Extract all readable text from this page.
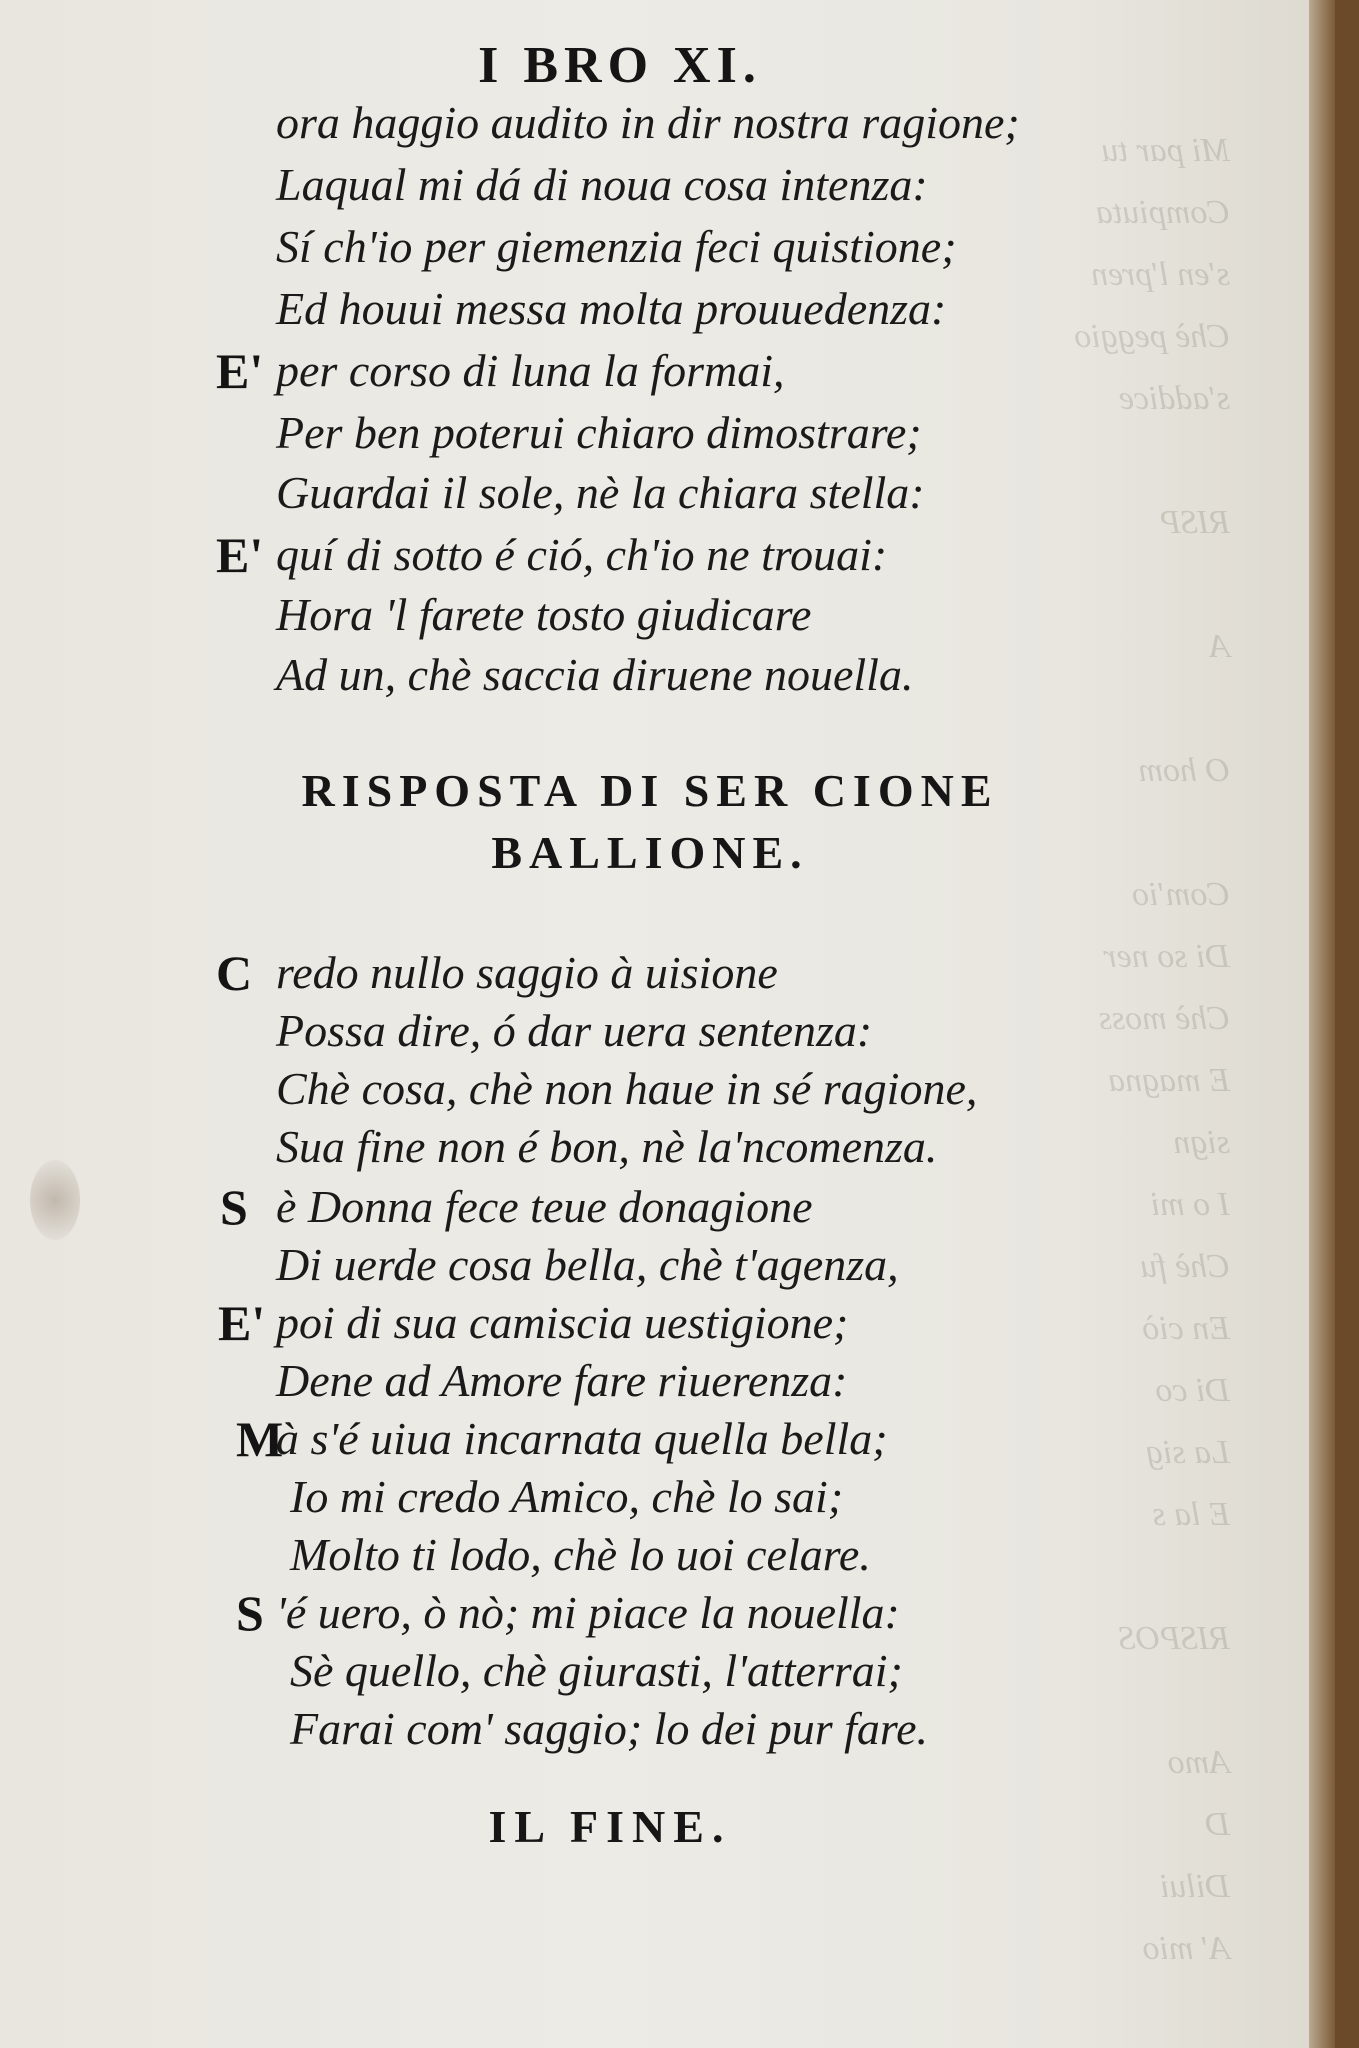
Mi par tu
Compiuta
s'en l'pren
Chè peggio
s'addice

RISP

A

O hom

Com'io
Di so ner
Chè moss
E magna
sign
I o mi
Chè fu
En ciò
Di co
La sig
E la s

RISPOS

Amo
D
Dilui
A' mio
I BRO XI.
ora haggio audito in dir nostra ragione;
Laqual mi dá di noua cosa intenza:
Sí ch'io per giemenzia feci quistione;
Ed houui messa molta prouuedenza:
E' per corso di luna la formai,
Per ben poterui chiaro dimostrare;
Guardai il sole, nè la chiara stella:
E' quí di sotto é ció, ch'io ne trouai:
Hora 'l farete tosto giudicare
Ad un, chè saccia diruene nouella.
RISPOSTA DI SER CIONE
BALLIONE.
C redo nullo saggio à uisione
Possa dire, ó dar uera sentenza:
Chè cosa, chè non haue in sé ragione,
Sua fine non é bon, nè la'ncomenza.
S è Donna fece teue donagione
Di uerde cosa bella, chè t'agenza,
E' poi di sua camiscia uestigione;
Dene ad Amore fare riuerenza:
M
à s'é uiua incarnata quella bella;
Io mi credo Amico, chè lo sai;
Molto ti lodo, chè lo uoi celare.
S 'é uero, ò nò; mi piace la nouella:
Sè quello, chè giurasti, l'atterrai;
Farai com' saggio; lo dei pur fare.
IL FINE.
